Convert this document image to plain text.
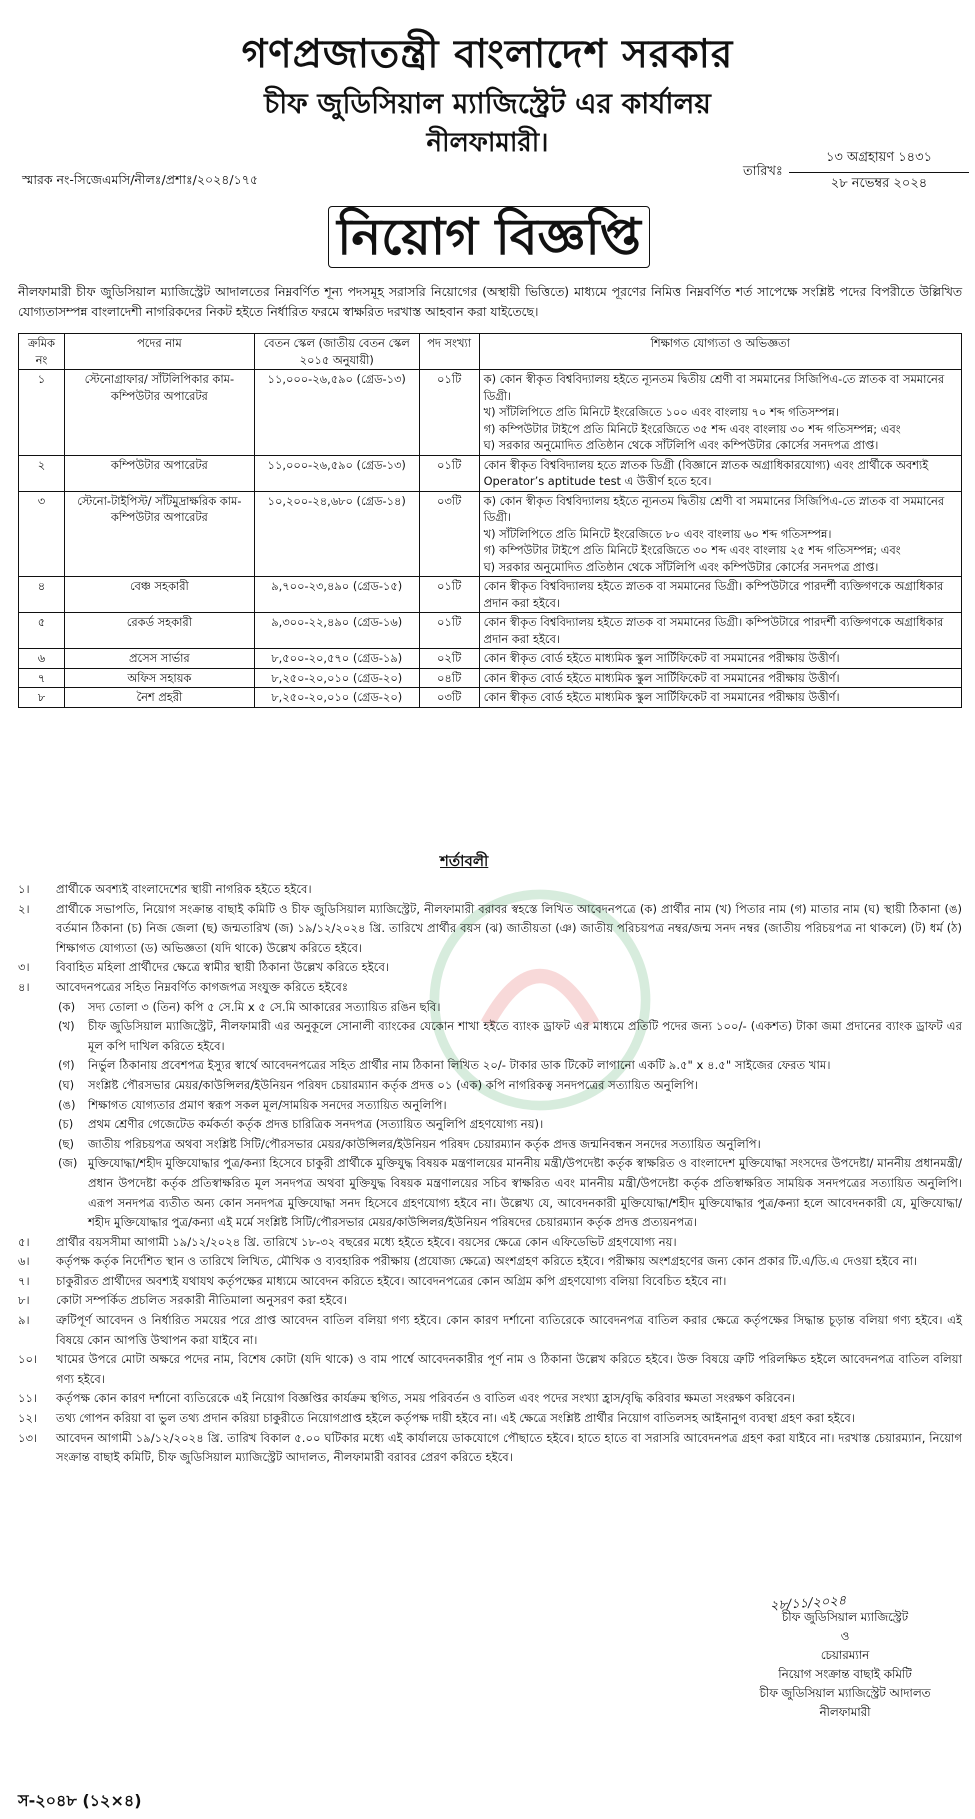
গণপ্রজাতন্ত্রী বাংলাদেশ সরকার
চীফ জুডিসিয়াল ম্যাজিস্ট্রেট এর কার্যালয়
নীলফামারী।
স্মারক নং-সিজেএমসি/নীলঃ/প্রশাঃ/২০২৪/১৭৫
তারিখঃ
১৩ অগ্রহায়ণ ১৪৩১
২৮ নভেম্বর ২০২৪
নিয়োগ বিজ্ঞপ্তি
নীলফামারী চীফ জুডিসিয়াল ম্যাজিস্ট্রেট আদালতের নিম্নবর্ণিত শূন্য পদসমূহ সরাসরি নিয়োগের (অস্থায়ী ভিত্তিতে) মাধ্যমে পূরণের নিমিত্ত নিম্নবর্ণিত শর্ত সাপেক্ষে সংশ্লিষ্ট পদের বিপরীতে উল্লিখিত যোগ্যতাসম্পন্ন বাংলাদেশী নাগরিকদের নিকট হইতে নির্ধারিত ফরমে স্বাক্ষরিত দরখাস্ত আহবান করা যাইতেছে।
ক্রমিক নং	পদের নাম	বেতন স্কেল (জাতীয় বেতন স্কেল ২০১৫ অনুযায়ী)	পদ সংখ্যা	শিক্ষাগত যোগ্যতা ও অভিজ্ঞতা
১	স্টেনোগ্রাফার/ সাঁটলিপিকার কাম-কম্পিউটার অপারেটর	১১,০০০-২৬,৫৯০ (গ্রেড-১৩)	০১টি	ক) কোন স্বীকৃত বিশ্ববিদ্যালয় হইতে ন্যূনতম দ্বিতীয় শ্রেণী বা সমমানের সিজিপিএ-তে স্নাতক বা সমমানের ডিগ্রী।
খ) সাঁটলিপিতে প্রতি মিনিটে ইংরেজিতে ১০০ এবং বাংলায় ৭০ শব্দ গতিসম্পন্ন।
গ) কম্পিউটার টাইপে প্রতি মিনিটে ইংরেজিতে ৩৫ শব্দ এবং বাংলায় ৩০ শব্দ গতিসম্পন্ন; এবং
ঘ) সরকার অনুমোদিত প্রতিষ্ঠান থেকে সাঁটলিপি এবং কম্পিউটার কোর্সের সনদপত্র প্রাপ্ত।

২	কম্পিউটার অপারেটর	১১,০০০-২৬,৫৯০ (গ্রেড-১৩)	০১টি	কোন স্বীকৃত বিশ্ববিদ্যালয় হতে স্নাতক ডিগ্রী (বিজ্ঞানে স্নাতক অগ্রাধিকারযোগ্য) এবং প্রার্থীকে অবশ্যই Operator’s aptitude test এ উত্তীর্ণ হতে হবে।

৩	স্টেনো-টাইপিস্ট/ সাঁটমুদ্রাক্ষরিক কাম-কম্পিউটার অপারেটর	১০,২০০-২৪,৬৮০ (গ্রেড-১৪)	০৩টি	ক) কোন স্বীকৃত বিশ্ববিদ্যালয় হইতে ন্যূনতম দ্বিতীয় শ্রেণী বা সমমানের সিজিপিএ-তে স্নাতক বা সমমানের ডিগ্রী।
খ) সাঁটলিপিতে প্রতি মিনিটে ইংরেজিতে ৮০ এবং বাংলায় ৬০ শব্দ গতিসম্পন্ন।
গ) কম্পিউটার টাইপে প্রতি মিনিটে ইংরেজিতে ৩০ শব্দ এবং বাংলায় ২৫ শব্দ গতিসম্পন্ন; এবং
ঘ) সরকার অনুমোদিত প্রতিষ্ঠান থেকে সাঁটলিপি এবং কম্পিউটার কোর্সের সনদপত্র প্রাপ্ত।

৪	বেঞ্চ সহকারী	৯,৭০০-২৩,৪৯০ (গ্রেড-১৫)	০১টি	কোন স্বীকৃত বিশ্ববিদ্যালয় হইতে স্নাতক বা সমমানের ডিগ্রী। কম্পিউটারে পারদর্শী ব্যক্তিগণকে অগ্রাধিকার প্রদান করা হইবে।

৫	রেকর্ড সহকারী	৯,৩০০-২২,৪৯০ (গ্রেড-১৬)	০১টি	কোন স্বীকৃত বিশ্ববিদ্যালয় হইতে স্নাতক বা সমমানের ডিগ্রী। কম্পিউটারে পারদর্শী ব্যক্তিগণকে অগ্রাধিকার প্রদান করা হইবে।

৬	প্রসেস সার্ভার	৮,৫০০-২০,৫৭০ (গ্রেড-১৯)	০২টি	কোন স্বীকৃত বোর্ড হইতে মাধ্যমিক স্কুল সার্টিফিকেট বা সমমানের পরীক্ষায় উত্তীর্ণ।

৭	অফিস সহায়ক	৮,২৫০-২০,০১০ (গ্রেড-২০)	০৪টি	কোন স্বীকৃত বোর্ড হইতে মাধ্যমিক স্কুল সার্টিফিকেট বা সমমানের পরীক্ষায় উত্তীর্ণ।

৮	নৈশ প্রহরী	৮,২৫০-২০,০১০ (গ্রেড-২০)	০৩টি	কোন স্বীকৃত বোর্ড হইতে মাধ্যমিক স্কুল সার্টিফিকেট বা সমমানের পরীক্ষায় উত্তীর্ণ।
শর্তাবলী
১।	প্রার্থীকে অবশ্যই বাংলাদেশের স্থায়ী নাগরিক হইতে হইবে।
২।	প্রার্থীকে সভাপতি, নিয়োগ সংক্রান্ত বাছাই কমিটি ও চীফ জুডিসিয়াল ম্যাজিস্ট্রেট, নীলফামারী বরাবর স্বহস্তে লিখিত আবেদনপত্রে (ক) প্রার্থীর নাম (খ) পিতার নাম (গ) মাতার নাম (ঘ) স্থায়ী ঠিকানা (ঙ) বর্তমান ঠিকানা (চ) নিজ জেলা (ছ) জন্মতারিখ (জ) ১৯/১২/২০২৪ খ্রি. তারিখে প্রার্থীর বয়স (ঝ) জাতীয়তা (ঞ) জাতীয় পরিচয়পত্র নম্বর/জন্ম সনদ নম্বর (জাতীয় পরিচয়পত্র না থাকলে) (ট) ধর্ম (ঠ) শিক্ষাগত যোগ্যতা (ড) অভিজ্ঞতা (যদি থাকে) উল্লেখ করিতে হইবে।
৩।	বিবাহিত মহিলা প্রার্থীদের ক্ষেত্রে স্বামীর স্থায়ী ঠিকানা উল্লেখ করিতে হইবে।
৪।	আবেদনপত্রের সহিত নিম্নবর্ণিত কাগজপত্র সংযুক্ত করিতে হইবেঃ
(ক)	সদ্য তোলা ৩ (তিন) কপি ৫ সে.মি x ৫ সে.মি আকারের সত্যায়িত রঙিন ছবি।
(খ)	চীফ জুডিসিয়াল ম্যাজিস্ট্রেট, নীলফামারী এর অনুকূলে সোনালী ব্যাংকের যেকোন শাখা হইতে ব্যাংক ড্রাফট এর মাধ্যমে প্রতিটি পদের জন্য ১০০/- (একশত) টাকা জমা প্রদানের ব্যাংক ড্রাফট এর মূল কপি দাখিল করিতে হইবে।
(গ)	নির্ভুল ঠিকানায় প্রবেশপত্র ইস্যুর স্বার্থে আবেদনপত্রের সহিত প্রার্থীর নাম ঠিকানা লিখিত ২০/- টাকার ডাক টিকেট লাগানো একটি ৯.৫" x ৪.৫" সাইজের ফেরত খাম।
(ঘ)	সংশ্লিষ্ট পৌরসভার মেয়র/কাউন্সিলর/ইউনিয়ন পরিষদ চেয়ারম্যান কর্তৃক প্রদত্ত ০১ (এক) কপি নাগরিকত্ব সনদপত্রের সত্যায়িত অনুলিপি।
(ঙ)	শিক্ষাগত যোগ্যতার প্রমাণ স্বরূপ সকল মূল/সাময়িক সনদের সত্যায়িত অনুলিপি।
(চ)	প্রথম শ্রেণীর গেজেটেড কর্মকর্তা কর্তৃক প্রদত্ত চারিত্রিক সনদপত্র (সত্যায়িত অনুলিপি গ্রহণযোগ্য নয়)।
(ছ)	জাতীয় পরিচয়পত্র অথবা সংশ্লিষ্ট সিটি/পৌরসভার মেয়র/কাউন্সিলর/ইউনিয়ন পরিষদ চেয়ারম্যান কর্তৃক প্রদত্ত জন্মনিবন্ধন সনদের সত্যায়িত অনুলিপি।
(জ) মুক্তিযোদ্ধা/শহীদ মুক্তিযোদ্ধার পুত্র/কন্যা হিসেবে চাকুরী প্রার্থীকে মুক্তিযুদ্ধ বিষয়ক মন্ত্রণালয়ের মাননীয় মন্ত্রী/উপদেষ্টা কর্তৃক স্বাক্ষরিত ও বাংলাদেশ মুক্তিযোদ্ধা সংসদের উপদেষ্টা/ মাননীয় প্রধানমন্ত্রী/প্রধান উপদেষ্টা কর্তৃক প্রতিস্বাক্ষরিত মূল সনদপত্র অথবা মুক্তিযুদ্ধ বিষয়ক মন্ত্রণালয়ের সচিব স্বাক্ষরিত এবং মাননীয় মন্ত্রী/উপদেষ্টা কর্তৃক প্রতিস্বাক্ষরিত সাময়িক সনদপত্রের সত্যায়িত অনুলিপি। এরূপ সনদপত্র ব্যতীত অন্য কোন সনদপত্র মুক্তিযোদ্ধা সনদ হিসেবে গ্রহণযোগ্য হইবে না। উল্লেখ্য যে, আবেদনকারী মুক্তিযোদ্ধা/শহীদ মুক্তিযোদ্ধার পুত্র/কন্যা হলে আবেদনকারী যে, মুক্তিযোদ্ধা/শহীদ মুক্তিযোদ্ধার পুত্র/কন্যা এই মর্মে সংশ্লিষ্ট সিটি/পৌরসভার মেয়র/কাউন্সিলর/ইউনিয়ন পরিষদের চেয়ারম্যান কর্তৃক প্রদত্ত প্রত্যয়নপত্র।
৫।	প্রার্থীর বয়সসীমা আগামী ১৯/১২/২০২৪ খ্রি. তারিখে ১৮-৩২ বছরের মধ্যে হইতে হইবে। বয়সের ক্ষেত্রে কোন এফিডেভিট গ্রহণযোগ্য নয়।
৬।	কর্তৃপক্ষ কর্তৃক নির্দেশিত স্থান ও তারিখে লিখিত, মৌখিক ও ব্যবহারিক পরীক্ষায় (প্রযোজ্য ক্ষেত্রে) অংশগ্রহণ করিতে হইবে। পরীক্ষায় অংশগ্রহণের জন্য কোন প্রকার টি.এ/ডি.এ দেওয়া হইবে না।
৭।	চাকুরীরত প্রার্থীদের অবশ্যই যথাযথ কর্তৃপক্ষের মাধ্যমে আবেদন করিতে হইবে। আবেদনপত্রের কোন অগ্রিম কপি গ্রহণযোগ্য বলিয়া বিবেচিত হইবে না।
৮।	কোটা সম্পর্কিত প্রচলিত সরকারী নীতিমালা অনুসরণ করা হইবে।
৯।	ত্রুটিপূর্ণ আবেদন ও নির্ধারিত সময়ের পরে প্রাপ্ত আবেদন বাতিল বলিয়া গণ্য হইবে। কোন কারণ দর্শানো ব্যতিরেকে আবেদনপত্র বাতিল করার ক্ষেত্রে কর্তৃপক্ষের সিদ্ধান্ত চূড়ান্ত বলিয়া গণ্য হইবে। এই বিষয়ে কোন আপত্তি উত্থাপন করা যাইবে না।
১০।	খামের উপরে মোটা অক্ষরে পদের নাম, বিশেষ কোটা (যদি থাকে) ও বাম পার্শ্বে আবেদনকারীর পূর্ণ নাম ও ঠিকানা উল্লেখ করিতে হইবে। উক্ত বিষয়ে ত্রুটি পরিলক্ষিত হইলে আবেদনপত্র বাতিল বলিয়া গণ্য হইবে।
১১।	কর্তৃপক্ষ কোন কারণ দর্শানো ব্যতিরেকে এই নিয়োগ বিজ্ঞপ্তির কার্যক্রম স্থগিত, সময় পরিবর্তন ও বাতিল এবং পদের সংখ্যা হ্রাস/বৃদ্ধি করিবার ক্ষমতা সংরক্ষণ করিবেন।
১২।	তথ্য গোপন করিয়া বা ভুল তথ্য প্রদান করিয়া চাকুরীতে নিয়োগপ্রাপ্ত হইলে কর্তৃপক্ষ দায়ী হইবে না। এই ক্ষেত্রে সংশ্লিষ্ট প্রার্থীর নিয়োগ বাতিলসহ আইনানুগ ব্যবস্থা গ্রহণ করা হইবে।
১৩।	আবেদন আগামী ১৯/১২/২০২৪ খ্রি. তারিখ বিকাল ৫.০০ ঘটিকার মধ্যে এই কার্যালয়ে ডাকযোগে পৌছাতে হইবে। হাতে হাতে বা সরাসরি আবেদনপত্র গ্রহণ করা যাইবে না। দরখাস্ত চেয়ারম্যান, নিয়োগ সংক্রান্ত বাছাই কমিটি, চীফ জুডিসিয়াল ম্যাজিস্ট্রেট আদালত, নীলফামারী বরাবর প্রেরণ করিতে হইবে।
২৮/১১/২০২৪
চীফ জুডিসিয়াল ম্যাজিস্ট্রেট
ও
চেয়ারম্যান
নিয়োগ সংক্রান্ত বাছাই কমিটি
চীফ জুডিসিয়াল ম্যাজিস্ট্রেট আদালত
নীলফামারী
স-২০৪৮ (১২×৪)
